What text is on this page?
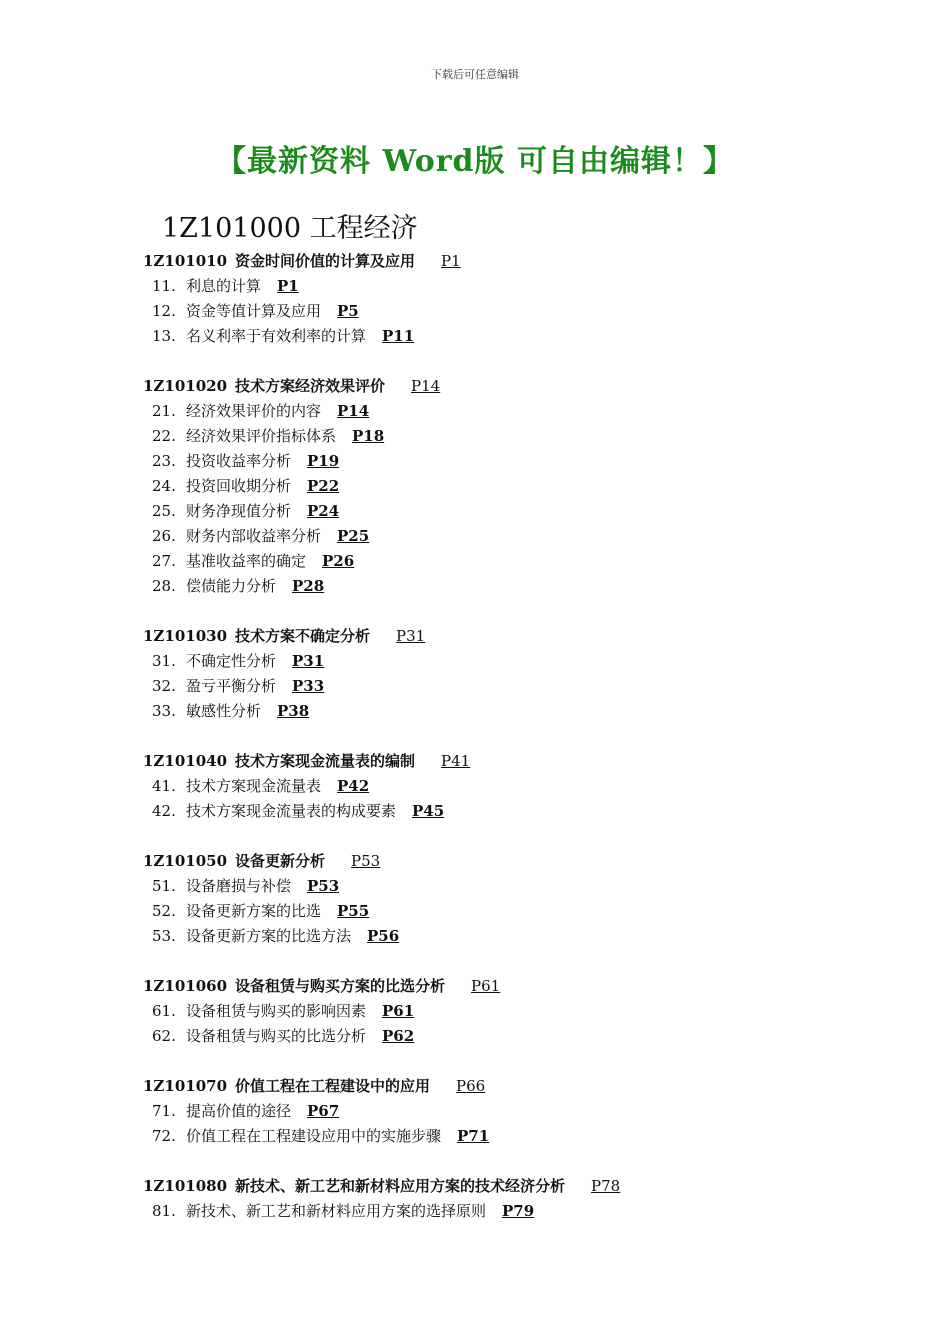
下载后可任意编辑
【最新资料 Word版 可自由编辑！】
1Z101000 工程经济
1Z101010 资金时间价值的计算及应用 P1
11. 利息的计算 P1
12. 资金等值计算及应用 P5
13. 名义利率于有效利率的计算 P11
1Z101020 技术方案经济效果评价 P14
21. 经济效果评价的内容 P14
22. 经济效果评价指标体系 P18
23. 投资收益率分析 P19
24. 投资回收期分析 P22
25. 财务净现值分析 P24
26. 财务内部收益率分析 P25
27. 基准收益率的确定 P26
28. 偿债能力分析 P28
1Z101030 技术方案不确定分析 P31
31. 不确定性分析 P31
32. 盈亏平衡分析 P33
33. 敏感性分析 P38
1Z101040 技术方案现金流量表的编制 P41
41. 技术方案现金流量表 P42
42. 技术方案现金流量表的构成要素 P45
1Z101050 设备更新分析 P53
51. 设备磨损与补偿 P53
52. 设备更新方案的比选 P55
53. 设备更新方案的比选方法 P56
1Z101060 设备租赁与购买方案的比选分析 P61
61. 设备租赁与购买的影响因素 P61
62. 设备租赁与购买的比选分析 P62
1Z101070 价值工程在工程建设中的应用 P66
71. 提高价值的途径 P67
72. 价值工程在工程建设应用中的实施步骤 P71
1Z101080 新技术、新工艺和新材料应用方案的技术经济分析 P78
81. 新技术、新工艺和新材料应用方案的选择原则 P79
